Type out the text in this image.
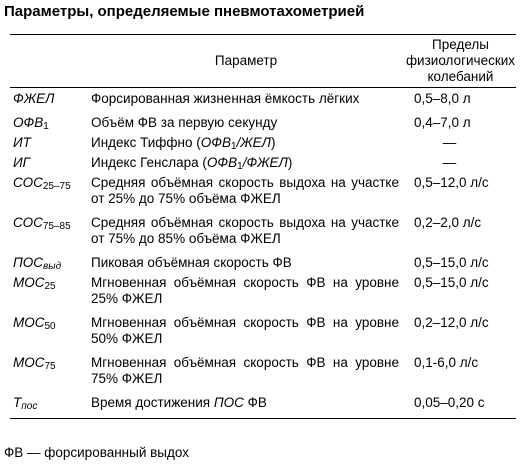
Параметры, определяемые пневмотахометрией
	Параметр	Пределы
физиологических
колебаний

ФЖЕЛ	Форсированная жизненная ёмкость лёгких	0,5–8,0 л
$ОФВ_1$	Объём ФВ за первую секунду	0,4–7,0 л
ИТ	Индекс Тиффно $(ОФВ_1/ЖЕЛ)$	—
ИГ	Индекс Генслара $(ОФВ_1/ФЖЕЛ)$	—
$СОС_{25-75}$	Средняя объёмная скорость выдоха на участке от 25% до 75% объёма ФЖЕЛ	0,5–12,0 л/с
$СОС_{75-85}$	Средняя объёмная скорость выдоха на участке от 75% до 85% объёма ФЖЕЛ	0,2–2,0 л/с
ПОСвыд	Пиковая объёмная скорость ФВ	0,5–15,0 л/с
$МОС_{25}$	Мгновенная объёмная скорость ФВ на уровне 25% ФЖЕЛ	0,5–15,0 л/с
$МОС_{50}$	Мгновенная объёмная скорость ФВ на уровне 50% ФЖЕЛ	0,2–12,0 л/с
$МОС_{75}$	Мгновенная объёмная скорость ФВ на уровне 75% ФЖЕЛ	0,1-6,0 л/с
Тпос	Время достижения ПОС ФВ	0,05–0,20 с
ФВ — форсированный выдох
